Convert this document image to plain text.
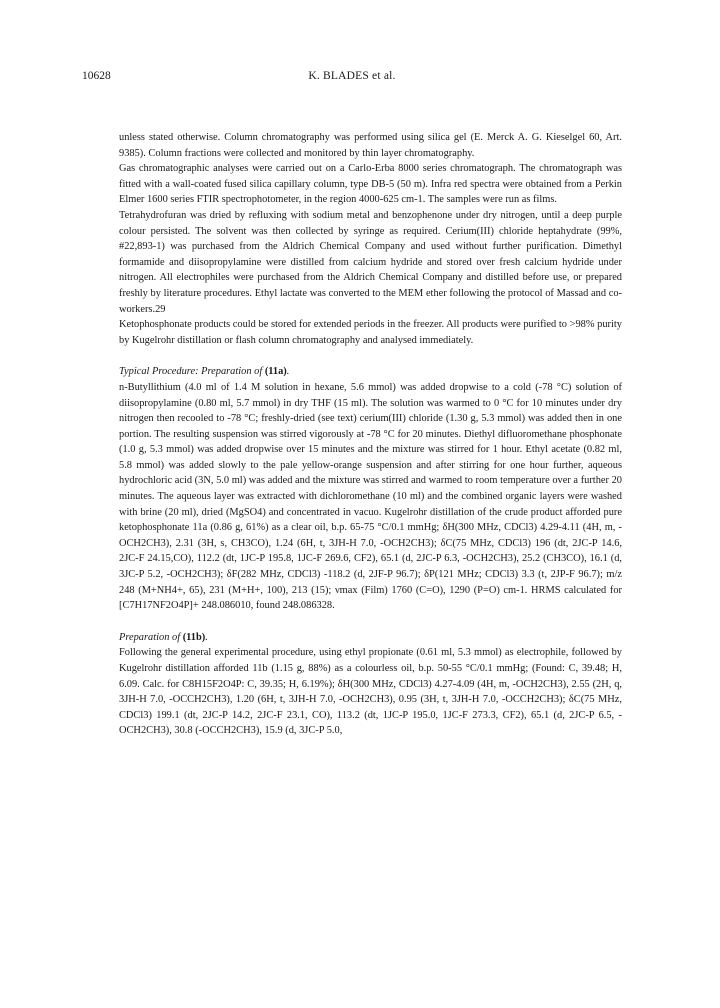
10628	K. BLADES et al.

unless stated otherwise. Column chromatography was performed using silica gel (E. Merck A. G. Kieselgel 60, Art. 9385). Column fractions were collected and monitored by thin layer chromatography.

Gas chromatographic analyses were carried out on a Carlo-Erba 8000 series chromatograph. The chromatograph was fitted with a wall-coated fused silica capillary column, type DB-5 (50 m). Infra red spectra were obtained from a Perkin Elmer 1600 series FTIR spectrophotometer, in the region 4000-625 cm-1. The samples were run as films.

Tetrahydrofuran was dried by refluxing with sodium metal and benzophenone under dry nitrogen, until a deep purple colour persisted. The solvent was then collected by syringe as required. Cerium(III) chloride heptahydrate (99%, #22,893-1) was purchased from the Aldrich Chemical Company and used without further purification. Dimethyl formamide and diisopropylamine were distilled from calcium hydride and stored over fresh calcium hydride under nitrogen. All electrophiles were purchased from the Aldrich Chemical Company and distilled before use, or prepared freshly by literature procedures. Ethyl lactate was converted to the MEM ether following the protocol of Massad and co-workers.29

Ketophosphonate products could be stored for extended periods in the freezer. All products were purified to >98% purity by Kugelrohr distillation or flash column chromatography and analysed immediately.

Typical Procedure: Preparation of (11a).

n-Butyllithium (4.0 ml of 1.4 M solution in hexane, 5.6 mmol) was added dropwise to a cold (-78 °C) solution of diisopropylamine (0.80 ml, 5.7 mmol) in dry THF (15 ml). The solution was warmed to 0 °C for 10 minutes under dry nitrogen then recooled to -78 °C; freshly-dried (see text) cerium(III) chloride (1.30 g, 5.3 mmol) was added then in one portion. The resulting suspension was stirred vigorously at -78 °C for 20 minutes. Diethyl difluoromethane phosphonate (1.0 g, 5.3 mmol) was added dropwise over 15 minutes and the mixture was stirred for 1 hour. Ethyl acetate (0.82 ml, 5.8 mmol) was added slowly to the pale yellow-orange suspension and after stirring for one hour further, aqueous hydrochloric acid (3N, 5.0 ml) was added and the mixture was stirred and warmed to room temperature over a further 20 minutes. The aqueous layer was extracted with dichloromethane (10 ml) and the combined organic layers were washed with brine (20 ml), dried (MgSO4) and concentrated in vacuo. Kugelrohr distillation of the crude product afforded pure ketophosphonate 11a (0.86 g, 61%) as a clear oil, b.p. 65-75 °C/0.1 mmHg; δH(300 MHz, CDCl3) 4.29-4.11 (4H, m, -OCH2CH3), 2.31 (3H, s, CH3CO), 1.24 (6H, t, 3JH-H 7.0, -OCH2CH3); δC(75 MHz, CDCl3) 196 (dt, 2JC-P 14.6, 2JC-F 24.15,CO), 112.2 (dt, 1JC-P 195.8, 1JC-F 269.6, CF2), 65.1 (d, 2JC-P 6.3, -OCH2CH3), 25.2 (CH3CO), 16.1 (d, 3JC-P 5.2, -OCH2CH3); δF(282 MHz, CDCl3) -118.2 (d, 2JF-P 96.7); δP(121 MHz; CDCl3) 3.3 (t, 2JP-F 96.7); m/z 248 (M+NH4+, 65), 231 (M+H+, 100), 213 (15); νmax (Film) 1760 (C=O), 1290 (P=O) cm-1. HRMS calculated for [C7H17NF2O4P]+ 248.086010, found 248.086328.

Preparation of (11b).

Following the general experimental procedure, using ethyl propionate (0.61 ml, 5.3 mmol) as electrophile, followed by Kugelrohr distillation afforded 11b (1.15 g, 88%) as a colourless oil, b.p. 50-55 °C/0.1 mmHg; (Found: C, 39.48; H, 6.09. Calc. for C8H15F2O4P: C, 39.35; H, 6.19%); δH(300 MHz, CDCl3) 4.27-4.09 (4H, m, -OCH2CH3), 2.55 (2H, q, 3JH-H 7.0, -OCCH2CH3), 1.20 (6H, t, 3JH-H 7.0, -OCH2CH3), 0.95 (3H, t, 3JH-H 7.0, -OCCH2CH3); δC(75 MHz, CDCl3) 199.1 (dt, 2JC-P 14.2, 2JC-F 23.1, CO), 113.2 (dt, 1JC-P 195.0, 1JC-F 273.3, CF2), 65.1 (d, 2JC-P 6.5, -OCH2CH3), 30.8 (-OCCH2CH3), 15.9 (d, 3JC-P 5.0,
